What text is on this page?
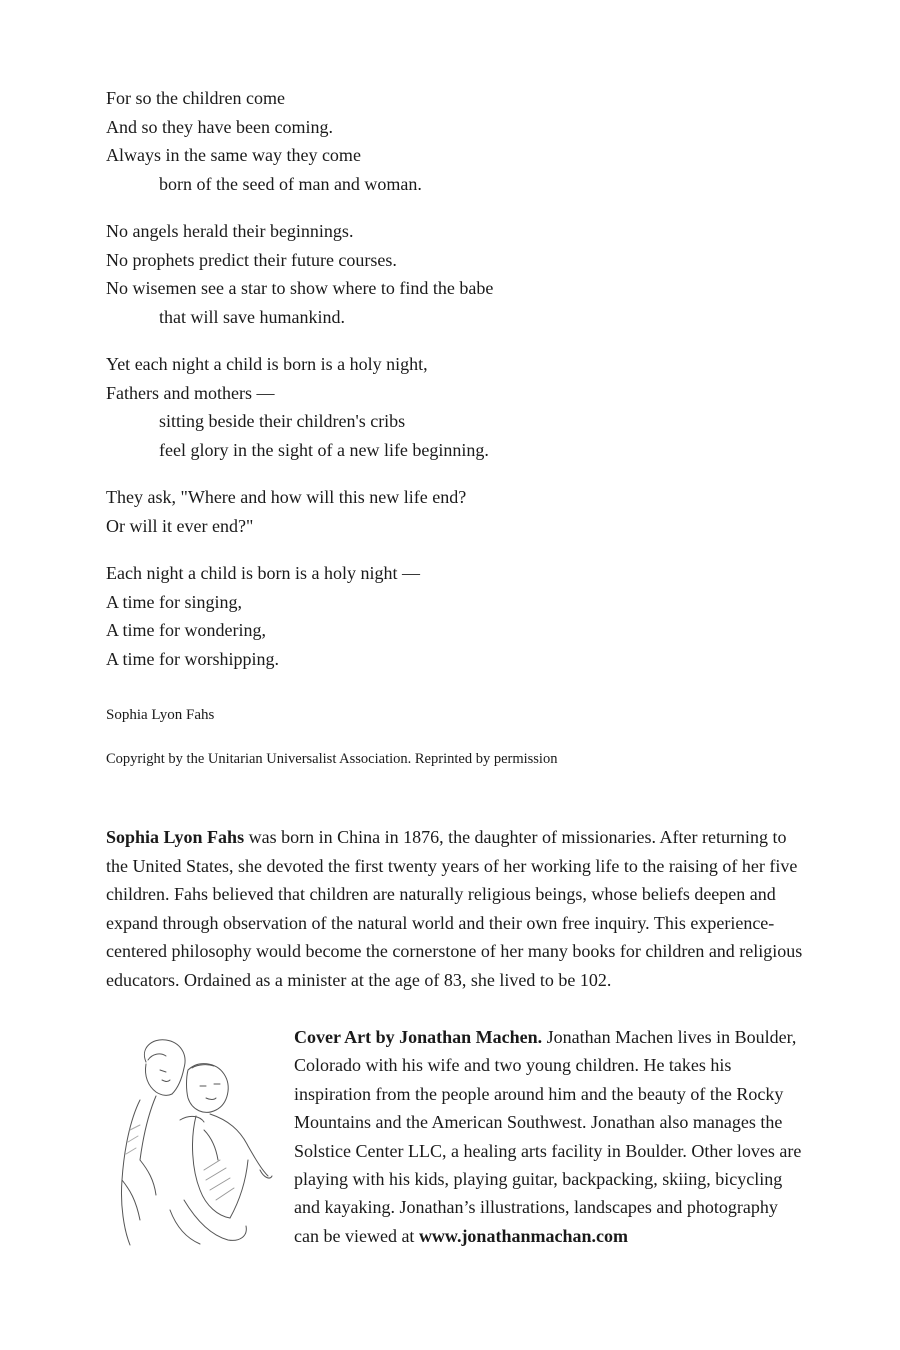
For so the children come
And so they have been coming.
Always in the same way they come
born of the seed of man and woman.
No angels herald their beginnings.
No prophets predict their future courses.
No wisemen see a star to show where to find the babe
that will save humankind.
Yet each night a child is born is a holy night,
Fathers and mothers —
sitting beside their children's cribs
feel glory in the sight of a new life beginning.
They ask, "Where and how will this new life end?
Or will it ever end?"
Each night a child is born is a holy night —
A time for singing,
A time for wondering,
A time for worshipping.
Sophia Lyon Fahs
Copyright by the Unitarian Universalist Association. Reprinted by permission

Sophia Lyon Fahs was born in China in 1876, the daughter of missionaries. After returning to the United States, she devoted the first twenty years of her working life to the raising of her five children. Fahs believed that children are naturally religious beings, whose beliefs deepen and expand through observation of the natural world and their own free inquiry. This experience-centered philosophy would become the cornerstone of her many books for children and religious educators. Ordained as a minister at the age of 83, she lived to be 102.

Cover Art by Jonathan Machen. Jonathan Machen lives in Boulder, Colorado with his wife and two young children. He takes his inspiration from the people around him and the beauty of the Rocky Mountains and the American Southwest. Jonathan also manages the Solstice Center LLC, a healing arts facility in Boulder. Other loves are playing with his kids, playing guitar, backpacking, skiing, bicycling and kayaking. Jonathan’s illustrations, landscapes and photography can be viewed at www.jonathanmachan.com
